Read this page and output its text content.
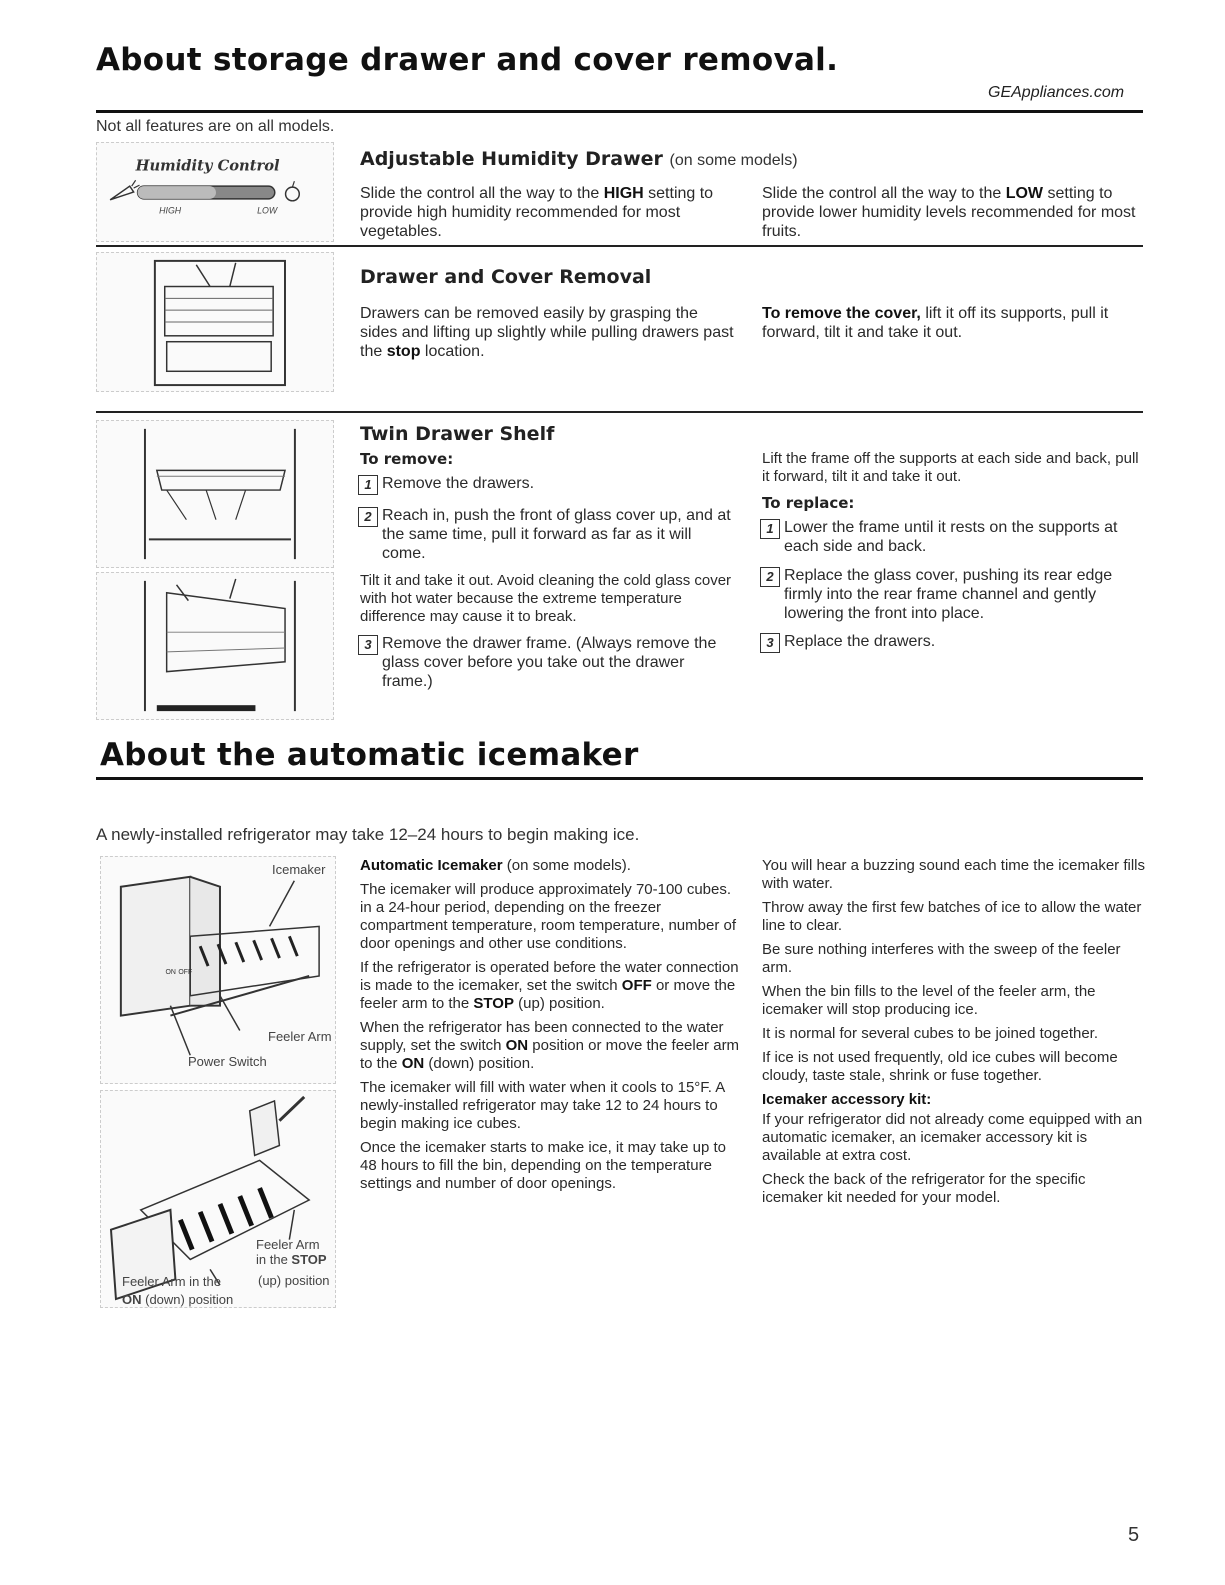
About storage drawer and cover removal.
GEAppliances.com
Not all features are on all models.
Humidity Control
HIGH	LOW
Adjustable Humidity Drawer (on some models)
Slide the control all the way to the HIGH setting to provide high humidity recommended for most vegetables.
Slide the control all the way to the LOW setting to provide lower humidity levels recommended for most fruits.
Drawer and Cover Removal
Drawers can be removed easily by grasping the sides and lifting up slightly while pulling drawers past the stop location.
To remove the cover, lift it off its supports, pull it forward, tilt it and take it out.
Twin Drawer Shelf
To remove:
1 Remove the drawers.
2 Reach in, push the front of glass cover up, and at the same time, pull it forward as far as it will come.
Tilt it and take it out. Avoid cleaning the cold glass cover with hot water because the extreme temperature difference may cause it to break.
3 Remove the drawer frame. (Always remove the glass cover before you take out the drawer frame.)
Lift the frame off the supports at each side and back, pull it forward, tilt it and take it out.
To replace:
1 Lower the frame until it rests on the supports at each side and back.
2 Replace the glass cover, pushing its rear edge firmly into the rear frame channel and gently lowering the front into place.
3 Replace the drawers.
About the automatic icemaker
A newly-installed refrigerator may take 12–24 hours to begin making ice.
ON OFF
Icemaker
Feeler Arm
Power Switch
Feeler Arm
in the STOP
(up) position
Feeler Arm in the
ON (down) position
Automatic Icemaker (on some models).
The icemaker will produce approximately 70-100 cubes. in a 24-hour period, depending on the freezer compartment temperature, room temperature, number of door openings and other use conditions.
If the refrigerator is operated before the water connection is made to the icemaker, set the switch OFF or move the feeler arm to the STOP (up) position.
When the refrigerator has been connected to the water supply, set the switch ON position or move the feeler arm to the ON (down) position.
The icemaker will fill with water when it cools to 15°F. A newly-installed refrigerator may take 12 to 24 hours to begin making ice cubes.
Once the icemaker starts to make ice, it may take up to 48 hours to fill the bin, depending on the temperature settings and number of door openings.
You will hear a buzzing sound each time the icemaker fills with water.
Throw away the first few batches of ice to allow the water line to clear.
Be sure nothing interferes with the sweep of the feeler arm.
When the bin fills to the level of the feeler arm, the icemaker will stop producing ice.
It is normal for several cubes to be joined together.
If ice is not used frequently, old ice cubes will become cloudy, taste stale, shrink or fuse together.
Icemaker accessory kit:
If your refrigerator did not already come equipped with an automatic icemaker, an icemaker accessory kit is available at extra cost.
Check the back of the refrigerator for the specific icemaker kit needed for your model.
5
